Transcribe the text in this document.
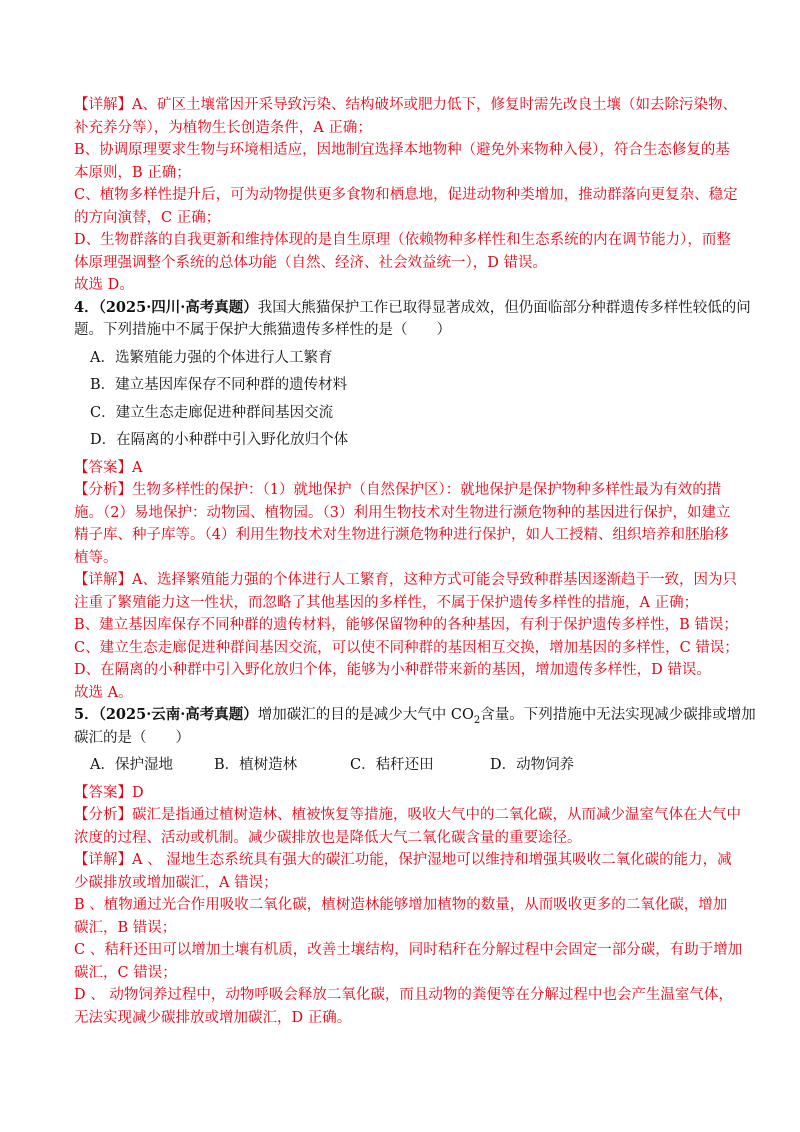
【详解】A、矿区土壤常因开采导致污染、结构破坏或肥力低下，修复时需先改良土壤（如去除污染物、
补充养分等），为植物生长创造条件，A 正确；
B、协调原理要求生物与环境相适应，因地制宜选择本地物种（避免外来物种入侵），符合生态修复的基
本原则，B 正确；
C、植物多样性提升后，可为动物提供更多食物和栖息地，促进动物种类增加，推动群落向更复杂、稳定
的方向演替，C 正确；
D、生物群落的自我更新和维持体现的是自生原理（依赖物种多样性和生态系统的内在调节能力），而整
体原理强调整个系统的总体功能（自然、经济、社会效益统一），D 错误。
故选 D。
4．（2025·四川·高考真题）我国大熊猫保护工作已取得显著成效，但仍面临部分种群遗传多样性较低的问
题。下列措施中不属于保护大熊猫遗传多样性的是（　　）
A．选繁殖能力强的个体进行人工繁育
B．建立基因库保存不同种群的遗传材料
C．建立生态走廊促进种群间基因交流
D．在隔离的小种群中引入野化放归个体
【答案】A
【分析】生物多样性的保护：（1）就地保护（自然保护区）：就地保护是保护物种多样性最为有效的措
施。（2）易地保护：动物园、植物园。（3）利用生物技术对生物进行濒危物种的基因进行保护，如建立
精子库、种子库等。（4）利用生物技术对生物进行濒危物种进行保护，如人工授精、组织培养和胚胎移
植等。
【详解】A、选择繁殖能力强的个体进行人工繁育，这种方式可能会导致种群基因逐渐趋于一致，因为只
注重了繁殖能力这一性状，而忽略了其他基因的多样性，不属于保护遗传多样性的措施，A 正确；
B、建立基因库保存不同种群的遗传材料，能够保留物种的各种基因，有利于保护遗传多样性，B 错误；
C、建立生态走廊促进种群间基因交流，可以使不同种群的基因相互交换，增加基因的多样性，C 错误；
D、在隔离的小种群中引入野化放归个体，能够为小种群带来新的基因，增加遗传多样性，D 错误。
故选 A。
5．（2025·云南·高考真题）增加碳汇的目的是减少大气中 $CO_2$含量。下列措施中无法实现减少碳排或增加
碳汇的是（　　）
A．保护湿地	B．植树造林	C．秸秆还田	D．动物饲养
【答案】D
【分析】碳汇是指通过植树造林、植被恢复等措施，吸收大气中的二氧化碳，从而减少温室气体在大气中
浓度的过程、活动或机制。减少碳排放也是降低大气二氧化碳含量的重要途径。
【详解】A 、 湿地生态系统具有强大的碳汇功能，保护湿地可以维持和增强其吸收二氧化碳的能力，减
少碳排放或增加碳汇，A 错误；
B 、植物通过光合作用吸收二氧化碳，植树造林能够增加植物的数量，从而吸收更多的二氧化碳，增加
碳汇，B 错误；
C 、秸秆还田可以增加土壤有机质，改善土壤结构，同时秸秆在分解过程中会固定一部分碳，有助于增加
碳汇，C 错误；
D 、 动物饲养过程中，动物呼吸会释放二氧化碳，而且动物的粪便等在分解过程中也会产生温室气体，
无法实现减少碳排放或增加碳汇，D 正确。
